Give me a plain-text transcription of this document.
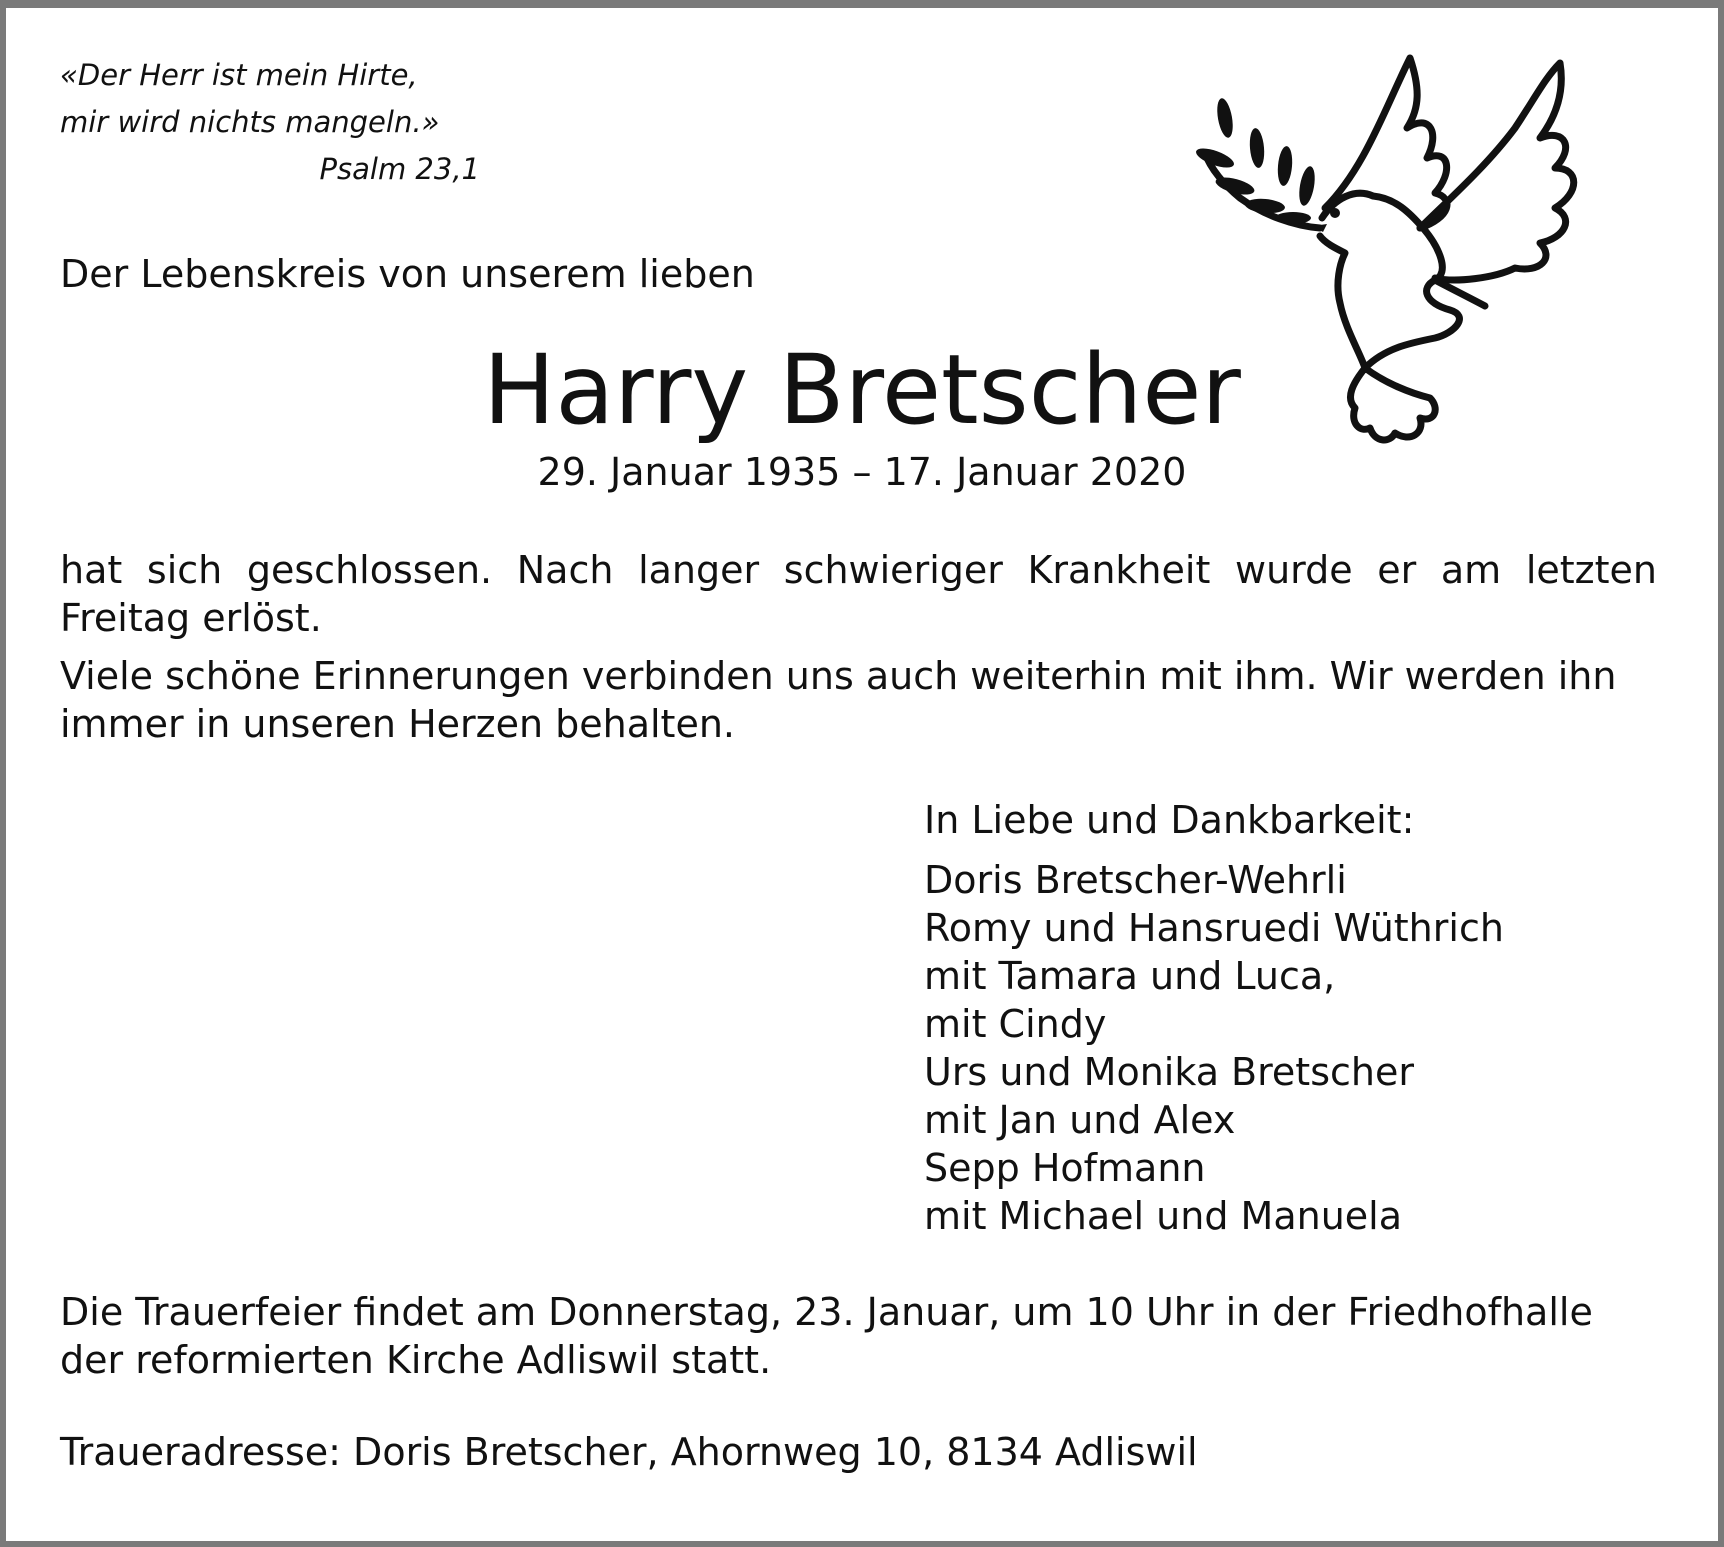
«Der Herr ist mein Hirte,
mir wird nichts mangeln.»
Psalm 23,1
Der Lebenskreis von unserem lieben
Harry Bretscher
29. Januar 1935 – 17. Januar 2020
hat sich geschlossen. Nach langer schwieriger Krankheit wurde er am letzten Freitag erlöst.
Viele schöne Erinnerungen verbinden uns auch weiterhin mit ihm. Wir werden ihn immer in unseren Herzen behalten.
In Liebe und Dankbarkeit:
Doris Bretscher-Wehrli
Romy und Hansruedi Wüthrich
mit Tamara und Luca,
mit Cindy
Urs und Monika Bretscher
mit Jan und Alex
Sepp Hofmann
mit Michael und Manuela
Die Trauerfeier findet am Donnerstag, 23. Januar, um 10 Uhr in der Friedhofhalle der reformierten Kirche Adliswil statt.
Traueradresse: Doris Bretscher, Ahornweg 10, 8134 Adliswil
